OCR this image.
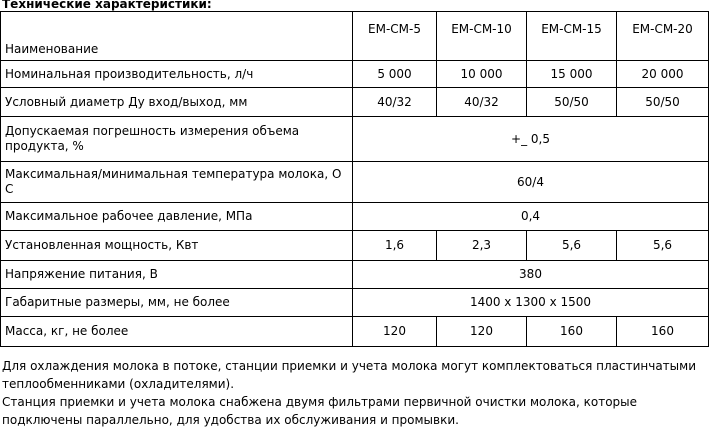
Технические характеристики:
Наименование	ЕМ-СМ-5	ЕМ-СМ-10	ЕМ-СМ-15	ЕМ-СМ-20
Номинальная производительность, л/ч	5 000	10 000	15 000	20 000
Условный диаметр Ду вход/выход, мм	40/32	40/32	50/50	50/50
Допускаемая погрешность измерения объема продукта, %	+_ 0,5			
Максимальная/минимальная температура молока, О С	60/4			
Максимальное рабочее давление, МПа	0,4			
Установленная мощность, Квт	1,6	2,3	5,6	5,6
Напряжение питания, В	380			
Габаритные размеры, мм, не более	1400 х 1300 х 1500			
Масса, кг, не более	120	120	160	160

Для охлаждения молока в потоке, станции приемки и учета молока могут комплектоваться пластинчатыми теплообменниками (охладителями).

Станция приемки и учета молока снабжена двумя фильтрами первичной очистки молока, которые подключены параллельно, для удобства их обслуживания и промывки.
